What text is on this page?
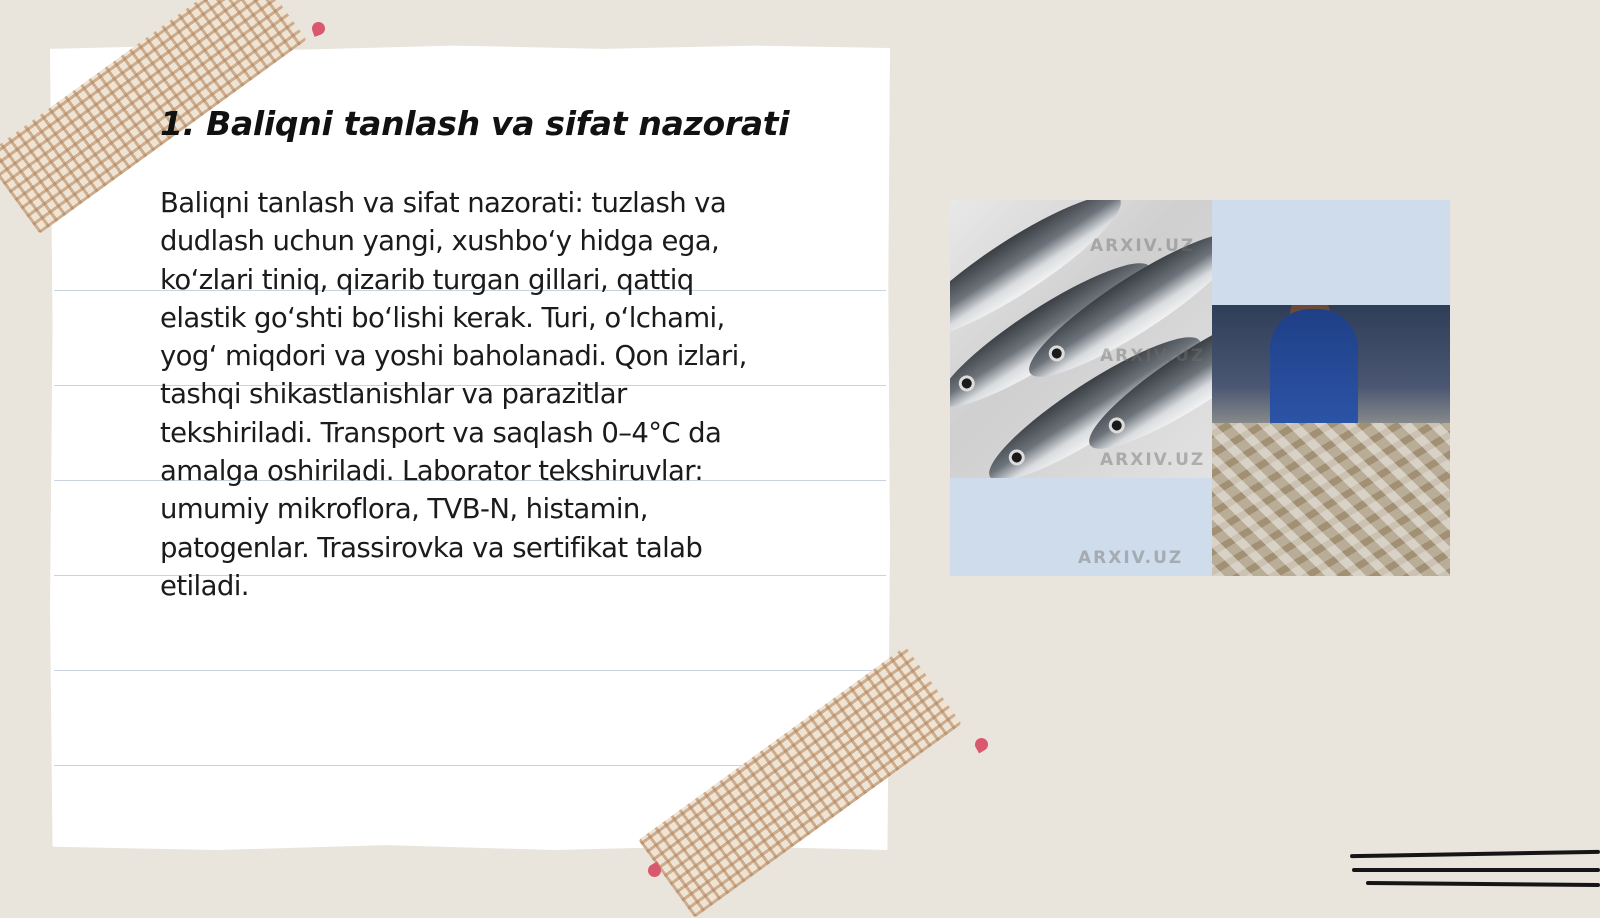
1. Baliqni tanlash va sifat nazorati

Baliqni tanlash va sifat nazorati: tuzlash va
dudlash uchun yangi, xushbo‘y hidga ega,
ko‘zlari tiniq, qizarib turgan gillari, qattiq
elastik go‘shti bo‘lishi kerak. Turi, o‘lchami,
yog‘ miqdori va yoshi baholanadi. Qon izlari,
tashqi shikastlanishlar va parazitlar
tekshiriladi. Transport va saqlash 0–4°C da
amalga oshiriladi. Laborator tekshiruvlar:
umumiy mikroflora, TVB-N, histamin,
patogenlar. Trassirovka va sertifikat talab
etiladi.

ARXIV.UZ
ARXIV.UZ
ARXIV.UZ
ARXIV.UZ
